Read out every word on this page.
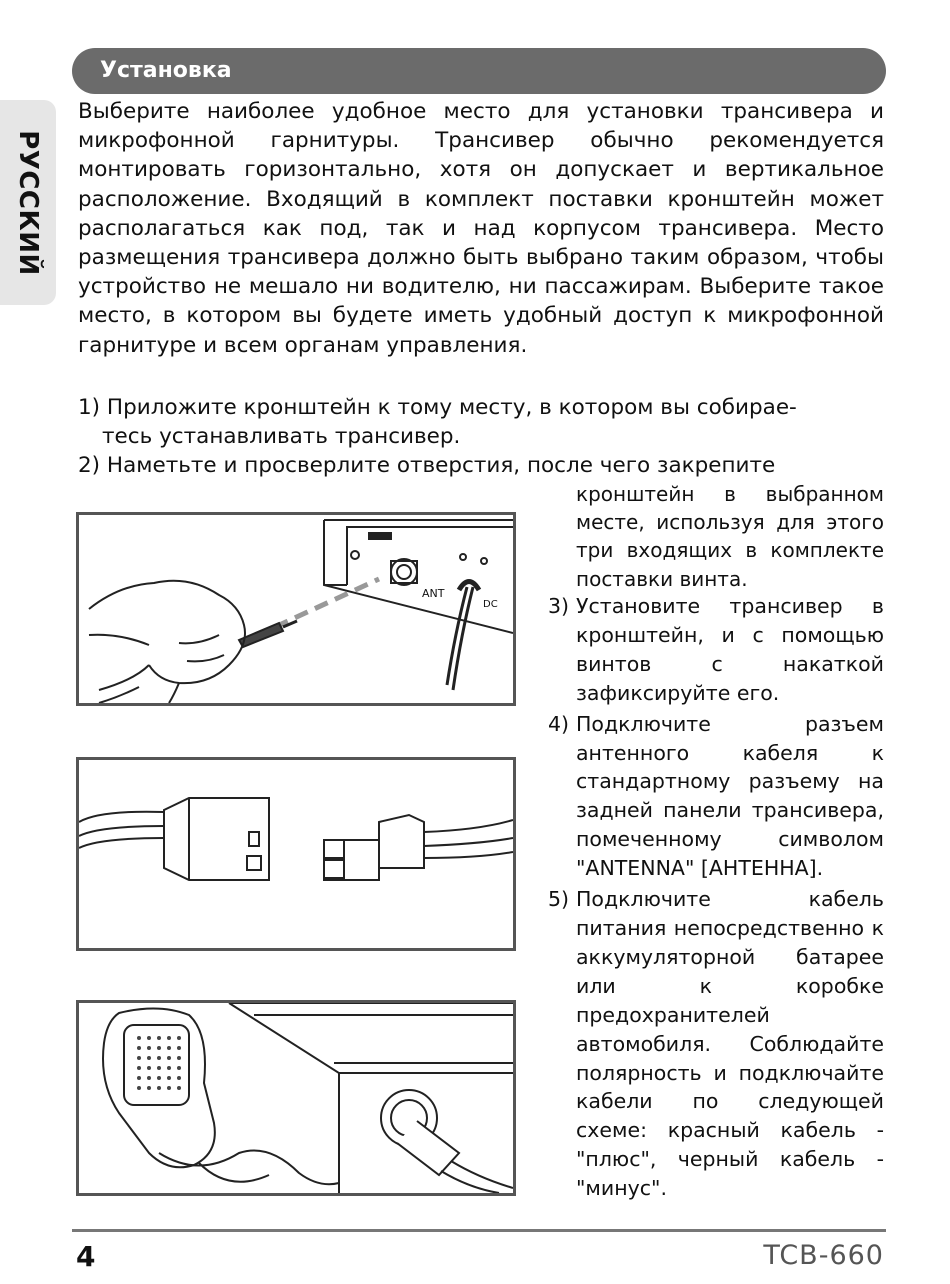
РУССКИЙ
Установка

Выберите наиболее удобное место для установки трансивера и микрофонной гарнитуры. Трансивер обычно рекомендуется монтировать горизонтально, хотя он допускает и вертикальное расположение. Входящий в комплект поставки кронштейн может располагаться как под, так и над корпусом трансивера. Место размещения трансивера должно быть выбрано таким образом, чтобы устройство не мешало ни водителю, ни пассажирам. Выберите такое место, в котором вы будете иметь удобный доступ к микрофонной гарнитуре и всем органам управления.

1) Приложите кронштейн к тому месту, в котором вы собирае-
тесь устанавливать трансивер.

2) Наметьте и просверлите отверстия, после чего закрепите

кронштейн в выбранном месте, используя для этого три входящих в комплекте поставки винта.

3) Установите трансивер в кронштейн, и с помощью винтов с накаткой зафиксируйте его.
4) Подключите разъем антенного кабеля к стандартному разъему на задней панели трансивера, помеченному символом "ANTENNA" [АНТЕННА].
5) Подключите кабель питания непосредственно к аккумуляторной батарее или к коробке предохранителей автомобиля. Соблюдайте полярность и подключайте кабели по следующей схеме: красный кабель - "плюс", черный кабель - "минус".
ANT
DC
4	TCB-660
